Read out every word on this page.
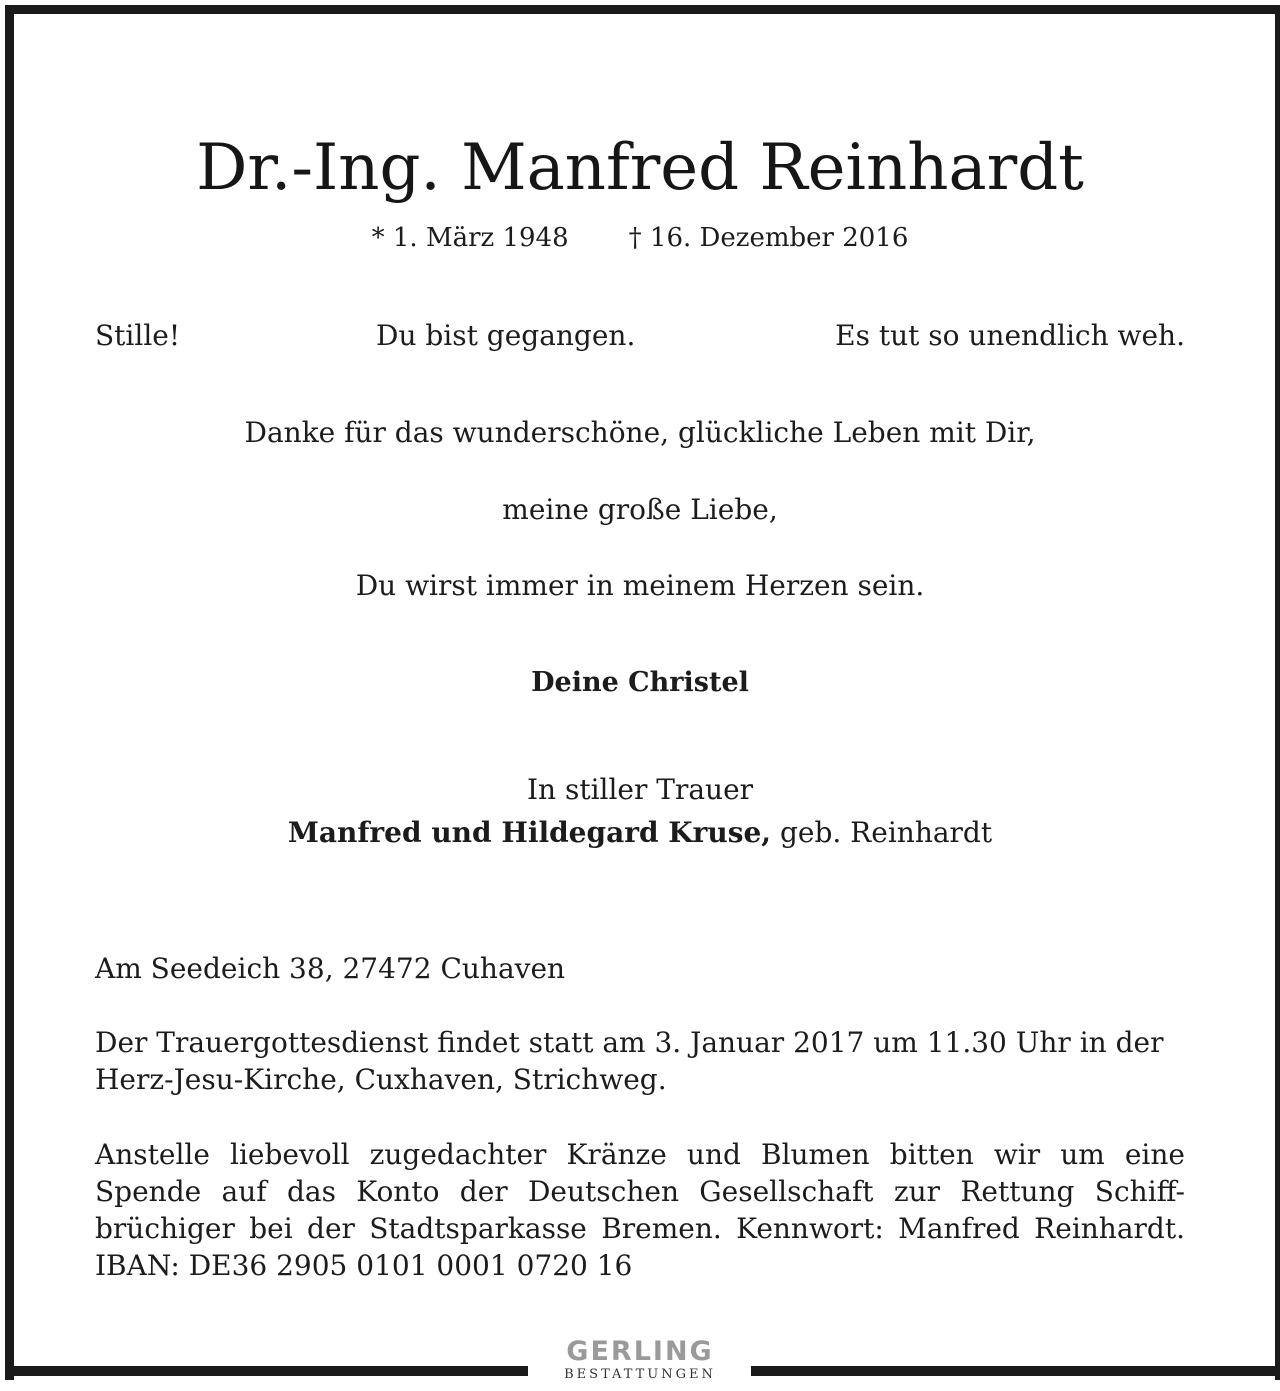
Dr.-Ing. Manfred Reinhardt
* 1. März 1948 † 16. Dezember 2016
Stille!	Du bist gegangen.	Es tut so unendlich weh.
Danke für das wunderschöne, glückliche Leben mit Dir,
meine große Liebe,
Du wirst immer in meinem Herzen sein.
Deine Christel
In stiller Trauer
Manfred und Hildegard Kruse, geb. Reinhardt
Am Seedeich 38, 27472 Cuhaven
Der Trauergottesdienst findet statt am 3. Januar 2017 um 11.30 Uhr in der
Herz-Jesu-Kirche, Cuxhaven, Strichweg.
Anstelle liebevoll zugedachter Kränze und Blumen bitten wir um eine
Spende auf das Konto der Deutschen Gesellschaft zur Rettung Schiff-
brüchiger bei der Stadtsparkasse Bremen. Kennwort: Manfred Reinhardt.
IBAN: DE36 2905 0101 0001 0720 16
GERLING
BESTATTUNGEN
